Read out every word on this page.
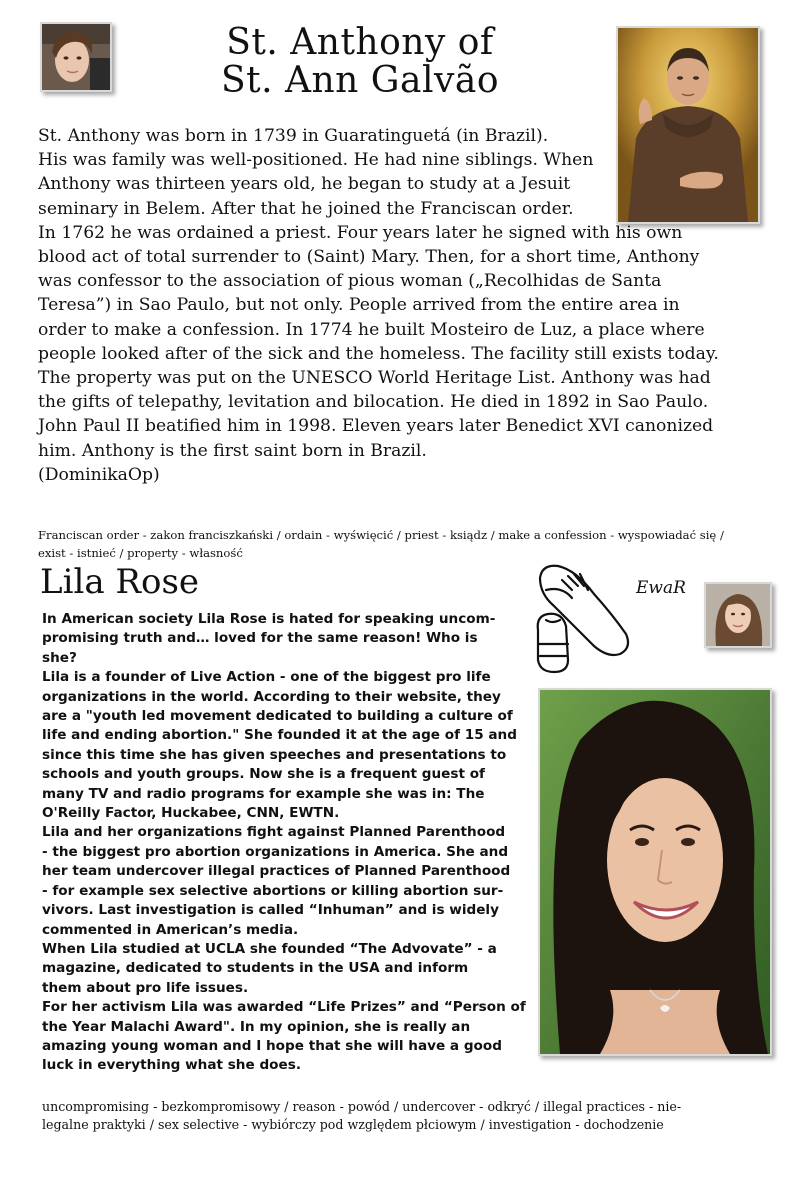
St. Anthony of
St. Ann Galvão
St. Anthony was born in 1739 in Guaratinguetá (in Brazil).
His was family was well-positioned. He had nine siblings. When
Anthony was thirteen years old, he began to study at a Jesuit
seminary in Belem. After that he joined the Franciscan order.
In 1762 he was ordained a priest. Four years later he signed with his own
blood act of total surrender to (Saint) Mary. Then, for a short time, Anthony
was confessor to the association of pious woman („Recolhidas de Santa
Teresa”) in Sao Paulo, but not only. People arrived from the entire area in
order to make a confession. In 1774 he built Mosteiro de Luz, a place where
people looked after of the sick and the homeless. The facility still exists today.
The property was put on the UNESCO World Heritage List. Anthony was had
the gifts of telepathy, levitation and bilocation. He died in 1892 in Sao Paulo.
John Paul II beatified him in 1998. Eleven years later Benedict XVI canonized
him. Anthony is the first saint born in Brazil.
(DominikaOp)
Franciscan order - zakon franciszkański / ordain - wyświęcić / priest - ksiądz / make a confession - wyspowiadać się /
exist - istnieć / property - własność
Lila Rose	EwaR
In American society Lila Rose is hated for speaking uncom-
promising truth and… loved for the same reason! Who is
she?
Lila is a founder of Live Action - one of the biggest pro life
organizations in the world. According to their website, they
are a "youth led movement dedicated to building a culture of
life and ending abortion." She founded it at the age of 15 and
since this time she has given speeches and presentations to
schools and youth groups. Now she is a frequent guest of
many TV and radio programs for example she was in: The
O'Reilly Factor, Huckabee, CNN, EWTN.
Lila and her organizations fight against Planned Parenthood
- the biggest pro abortion organizations in America. She and
her team undercover illegal practices of Planned Parenthood
- for example sex selective abortions or killing abortion sur-
vivors. Last investigation is called “Inhuman” and is widely
commented in American’s media.
When Lila studied at UCLA she founded “The Advovate” - a
magazine, dedicated to students in the USA and inform
them about pro life issues.
For her activism Lila was awarded “Life Prizes” and “Person of
the Year Malachi Award". In my opinion, she is really an
amazing young woman and I hope that she will have a good
luck in everything what she does.
uncompromising - bezkompromisowy / reason - powód / undercover - odkryć / illegal practices - nie-
legalne praktyki / sex selective - wybiórczy pod względem płciowym / investigation - dochodzenie
